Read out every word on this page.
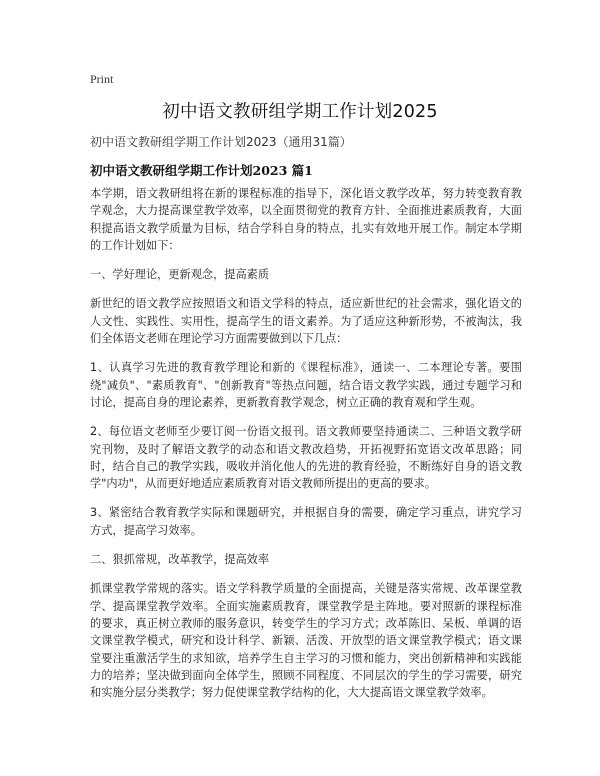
Print
初中语文教研组学期工作计划2025
初中语文教研组学期工作计划2023（通用31篇）
初中语文教研组学期工作计划2023 篇1

本学期，语文教研组将在新的课程标准的指导下，深化语文教学改革，努力转变教育教学观念，大力提高课堂教学效率，以全面贯彻党的教育方针、全面推进素质教育，大面积提高语文教学质量为目标，结合学科自身的特点，扎实有效地开展工作。制定本学期的工作计划如下：

一、学好理论，更新观念，提高素质

新世纪的语文教学应按照语文和语文学科的特点，适应新世纪的社会需求，强化语文的人文性、实践性、实用性，提高学生的语文素养。为了适应这种新形势，不被淘汰，我们全体语文老师在理论学习方面需要做到以下几点：

1、认真学习先进的教育教学理论和新的《课程标准》，通读一、二本理论专著。要围绕"减负"、"素质教育"、"创新教育"等热点问题，结合语文教学实践，通过专题学习和讨论，提高自身的理论素养，更新教育教学观念，树立正确的教育观和学生观。

2、每位语文老师至少要订阅一份语文报刊。语文教师要坚持通读二、三种语文教学研究刊物，及时了解语文教学的动态和语文教改趋势，开拓视野拓宽语文改革思路；同时，结合自己的教学实践，吸收并消化他人的先进的教育经验，不断练好自身的语文教学"内功"，从而更好地适应素质教育对语文教师所提出的更高的要求。

3、紧密结合教育教学实际和课题研究，并根据自身的需要，确定学习重点，讲究学习方式，提高学习效率。

二、狠抓常规，改革教学，提高效率

抓课堂教学常规的落实。语文学科教学质量的全面提高，关键是落实常规、改革课堂教学、提高课堂教学效率。全面实施素质教育，课堂教学是主阵地。要对照新的课程标准的要求，真正树立教师的服务意识，转变学生的学习方式；改革陈旧、呆板、单调的语文课堂教学模式，研究和设计科学、新颖、活泼、开放型的语文课堂教学模式；语文课堂要注重激活学生的求知欲，培养学生自主学习的习惯和能力，突出创新精神和实践能力的培养；坚决做到面向全体学生，照顾不同程度、不同层次的学生的学习需要，研究和实施分层分类教学；努力促使课堂教学结构的化，大大提高语文课堂教学效率。
